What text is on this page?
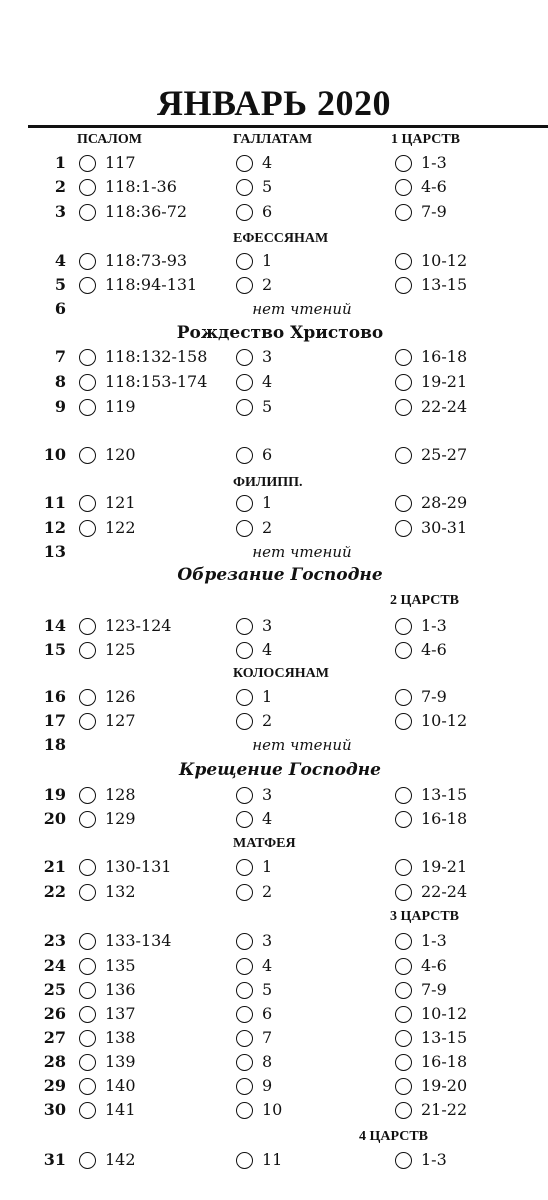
ЯНВАРЬ 2020
ПСАЛОМ	ГАЛЛАТАМ	1 ЦАРСТВ
ЕФЕССЯНАМ
ФИЛИПП.
2 ЦАРСТВ
КОЛОСЯНАМ
МАТФЕЯ
3 ЦАРСТВ
4 ЦАРСТВ
Рождество Христово
Обрезание Господне
Крещение Господне
1 117	4	1-3
2 118:1-36	5	4-6
3 118:36-72	6	7-9
4 118:73-93	1	10-12
5 118:94-131	2	13-15
6	нет чтений
7 118:132-158	3	16-18
8 118:153-174	4	19-21
9 119	5	22-24
10 120	6	25-27
11 121	1	28-29
12 122	2	30-31
13	нет чтений
14 123-124	3	1-3
15 125	4	4-6
16 126	1	7-9
17 127	2	10-12
18	нет чтений
19 128	3	13-15
20 129	4	16-18
21 130-131	1	19-21
22 132	2	22-24
23 133-134	3	1-3
24 135	4	4-6
25 136	5	7-9
26 137	6	10-12
27 138	7	13-15
28 139	8	16-18
29 140	9	19-20
30 141	10	21-22
31 142	11	1-3
